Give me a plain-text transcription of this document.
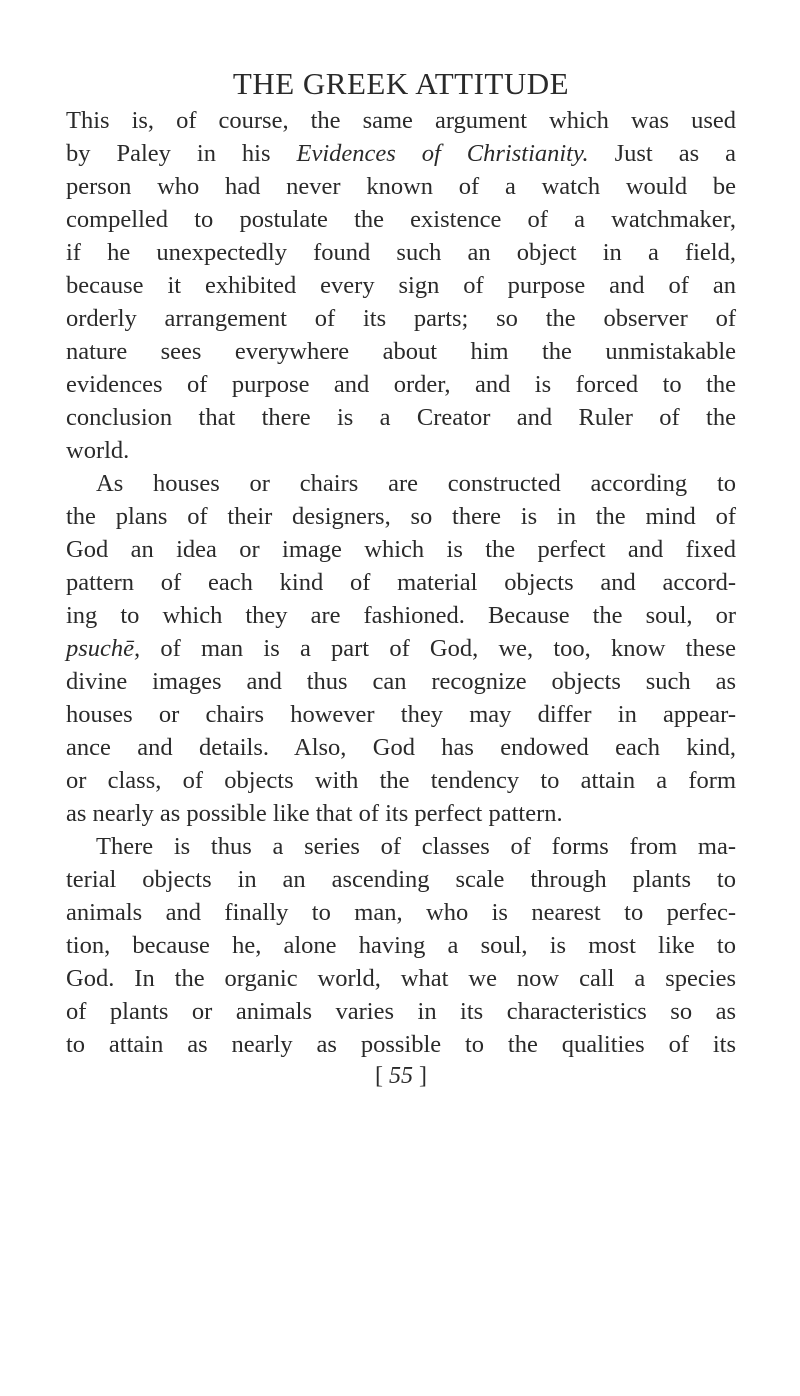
THE GREEK ATTITUDE
This is, of course, the same argument which was used
by Paley in his Evidences of Christianity. Just as a
person who had never known of a watch would be
compelled to postulate the existence of a watchmaker,
if he unexpectedly found such an object in a field,
because it exhibited every sign of purpose and of an
orderly arrangement of its parts; so the observer of
nature sees everywhere about him the unmistakable
evidences of purpose and order, and is forced to the
conclusion that there is a Creator and Ruler of the
world.
As houses or chairs are constructed according to
the plans of their designers, so there is in the mind of
God an idea or image which is the perfect and fixed
pattern of each kind of material objects and accord-
ing to which they are fashioned. Because the soul, or
psuchē, of man is a part of God, we, too, know these
divine images and thus can recognize objects such as
houses or chairs however they may differ in appear-
ance and details. Also, God has endowed each kind,
or class, of objects with the tendency to attain a form
as nearly as possible like that of its perfect pattern.
There is thus a series of classes of forms from ma-
terial objects in an ascending scale through plants to
animals and finally to man, who is nearest to perfec-
tion, because he, alone having a soul, is most like to
God. In the organic world, what we now call a species
of plants or animals varies in its characteristics so as
to attain as nearly as possible to the qualities of its
[ 55 ]
